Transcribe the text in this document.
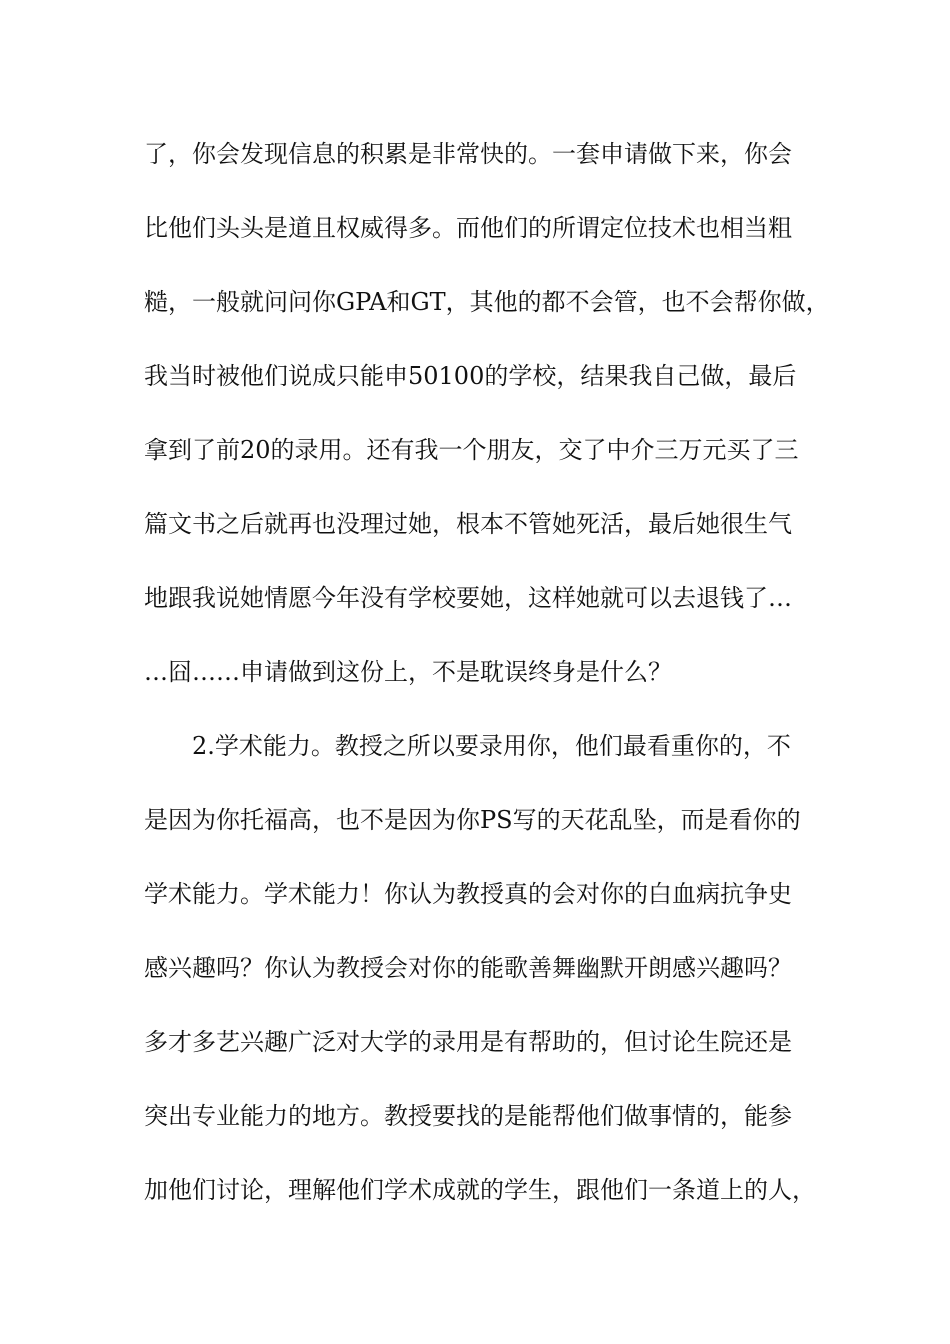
了，你会发现信息的积累是非常快的。一套申请做下来，你会
比他们头头是道且权威得多。而他们的所谓定位技术也相当粗
糙，一般就问问你GPA和GT，其他的都不会管，也不会帮你做，
我当时被他们说成只能申50100的学校，结果我自己做，最后
拿到了前20的录用。还有我一个朋友，交了中介三万元买了三
篇文书之后就再也没理过她，根本不管她死活，最后她很生气
地跟我说她情愿今年没有学校要她，这样她就可以去退钱了…
…囧……申请做到这份上，不是耽误终身是什么？
2.学术能力。教授之所以要录用你，他们最看重你的，不
是因为你托福高，也不是因为你PS写的天花乱坠，而是看你的
学术能力。学术能力！你认为教授真的会对你的白血病抗争史
感兴趣吗？你认为教授会对你的能歌善舞幽默开朗感兴趣吗？
多才多艺兴趣广泛对大学的录用是有帮助的，但讨论生院还是
突出专业能力的地方。教授要找的是能帮他们做事情的，能参
加他们讨论，理解他们学术成就的学生，跟他们一条道上的人，
